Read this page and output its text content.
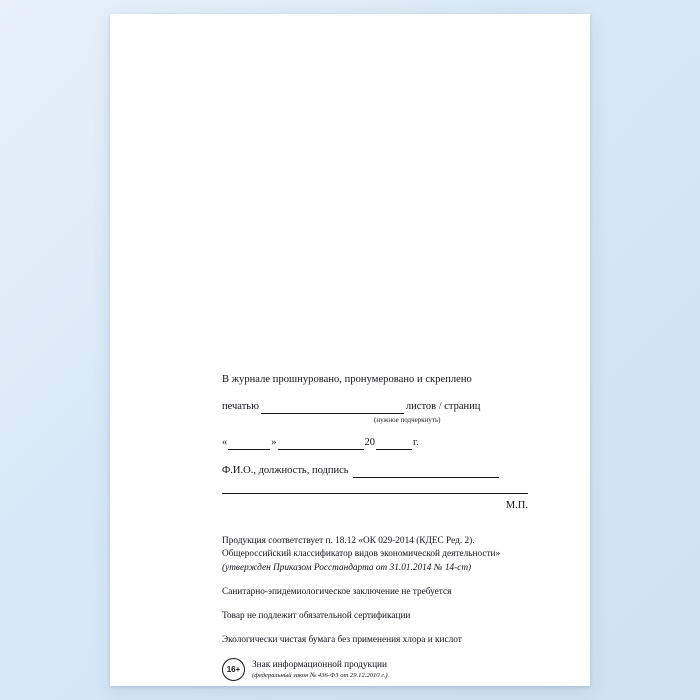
В журнале прошнуровано, пронумеровано и скреплено
печатью	листов / страниц
(нужное подчеркнуть)
«	»	20	г.
Ф.И.О., должность, подпись
М.П.
Продукция соответствует п. 18.12 «ОК 029-2014 (КДЕС Ред. 2).
Общероссийский классификатор видов экономической деятельности»
(утвержден Приказом Росстандарта от 31.01.2014 № 14-ст)
Санитарно-эпидемиологическое заключение не требуется
Товар не подлежит обязательной сертификации
Экологически чистая бумага без применения хлора и кислот
16+	Знак информационной продукции
(федеральный закон № 436-ФЗ от 29.12.2010 г.)
